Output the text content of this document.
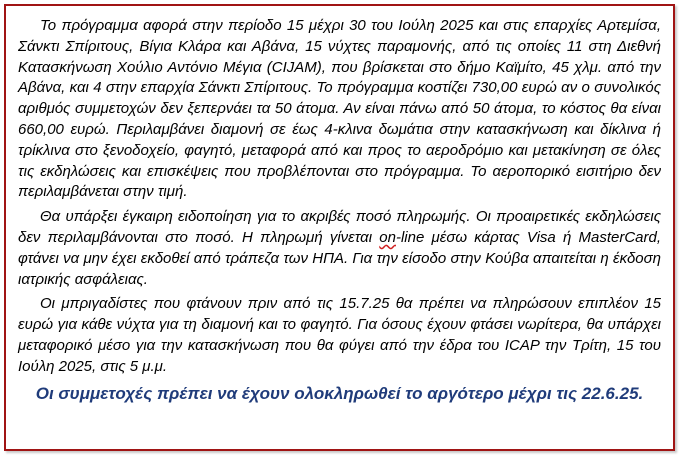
Το πρόγραμμα αφορά στην περίοδο 15 μέχρι 30 του Ιούλη 2025 και στις επαρχίες Αρτεμίσα, Σάνκτι Σπίριτους, Βίγια Κλάρα και Αβάνα, 15 νύχτες παραμονής, από τις οποίες 11 στη Διεθνή Κατασκήνωση Χούλιο Αντόνιο Μέγια (CIJAM), που βρίσκεται στο δήμο Καϊμίτο, 45 χλμ. από την Αβάνα, και 4 στην επαρχία Σάνκτι Σπίριτους. Το πρόγραμμα κοστίζει 730,00 ευρώ αν ο συνολικός αριθμός συμμετοχών δεν ξεπερνάει τα 50 άτομα. Αν είναι πάνω από 50 άτομα, το κόστος θα είναι 660,00 ευρώ. Περιλαμβάνει διαμονή σε έως 4-κλινα δωμάτια στην κατασκήνωση και δίκλινα ή τρίκλινα στο ξενοδοχείο, φαγητό, μεταφορά από και προς το αεροδρόμιο και μετακίνηση σε όλες τις εκδηλώσεις και επισκέψεις που προβλέπονται στο πρόγραμμα. Το αεροπορικό εισιτήριο δεν περιλαμβάνεται στην τιμή.

Θα υπάρξει έγκαιρη ειδοποίηση για το ακριβές ποσό πληρωμής. Οι προαιρετικές εκδηλώσεις δεν περιλαμβάνονται στο ποσό. Η πληρωμή γίνεται on-line μέσω κάρτας Visa ή MasterCard, φτάνει να μην έχει εκδοθεί από τράπεζα των ΗΠΑ. Για την είσοδο στην Κούβα απαιτείται η έκδοση ιατρικής ασφάλειας.

Οι μπριγαδίστες που φτάνουν πριν από τις 15.7.25 θα πρέπει να πληρώσουν επιπλέον 15 ευρώ για κάθε νύχτα για τη διαμονή και το φαγητό. Για όσους έχουν φτάσει νωρίτερα, θα υπάρχει μεταφορικό μέσο για την κατασκήνωση που θα φύγει από την έδρα του ICAP την Τρίτη, 15 του Ιούλη 2025, στις 5 μ.μ.

Οι συμμετοχές πρέπει να έχουν ολοκληρωθεί το αργότερο μέχρι τις 22.6.25.
